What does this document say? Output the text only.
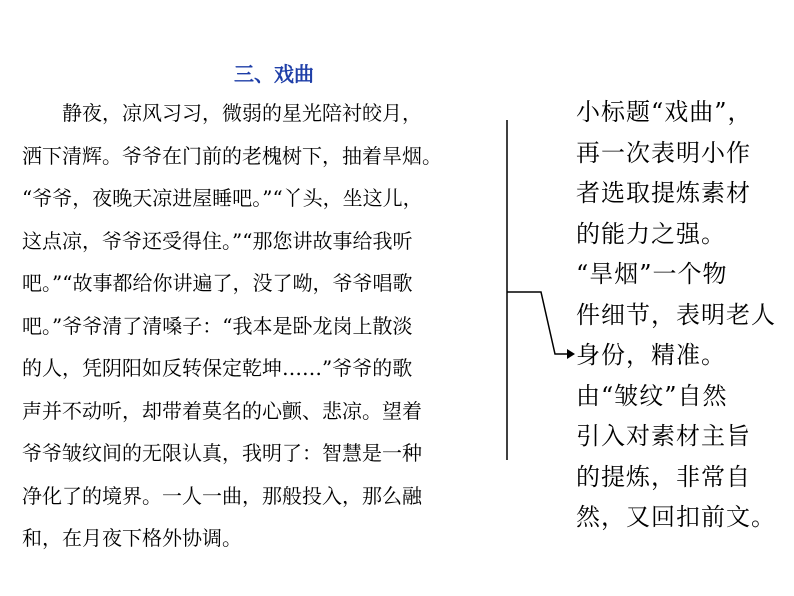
三、戏曲
静夜，凉风习习，微弱的星光陪衬皎月，
洒下清辉。爷爷在门前的老槐树下，抽着旱烟。
“爷爷，夜晚天凉进屋睡吧。”“丫头，坐这儿，
这点凉，爷爷还受得住。”“那您讲故事给我听
吧。”“故事都给你讲遍了，没了呦，爷爷唱歌
吧。”爷爷清了清嗓子：“我本是卧龙岗上散淡
的人，凭阴阳如反转保定乾坤……”爷爷的歌
声并不动听，却带着莫名的心颤、悲凉。望着
爷爷皱纹间的无限认真，我明了：智慧是一种
净化了的境界。一人一曲，那般投入，那么融
和，在月夜下格外协调。
小标题“戏曲”，
再一次表明小作
者选取提炼素材
的能力之强。
“旱烟”一个物
件细节，表明老人
身份，精准。
由“皱纹”自然
引入对素材主旨
的提炼，非常自
然，又回扣前文。
